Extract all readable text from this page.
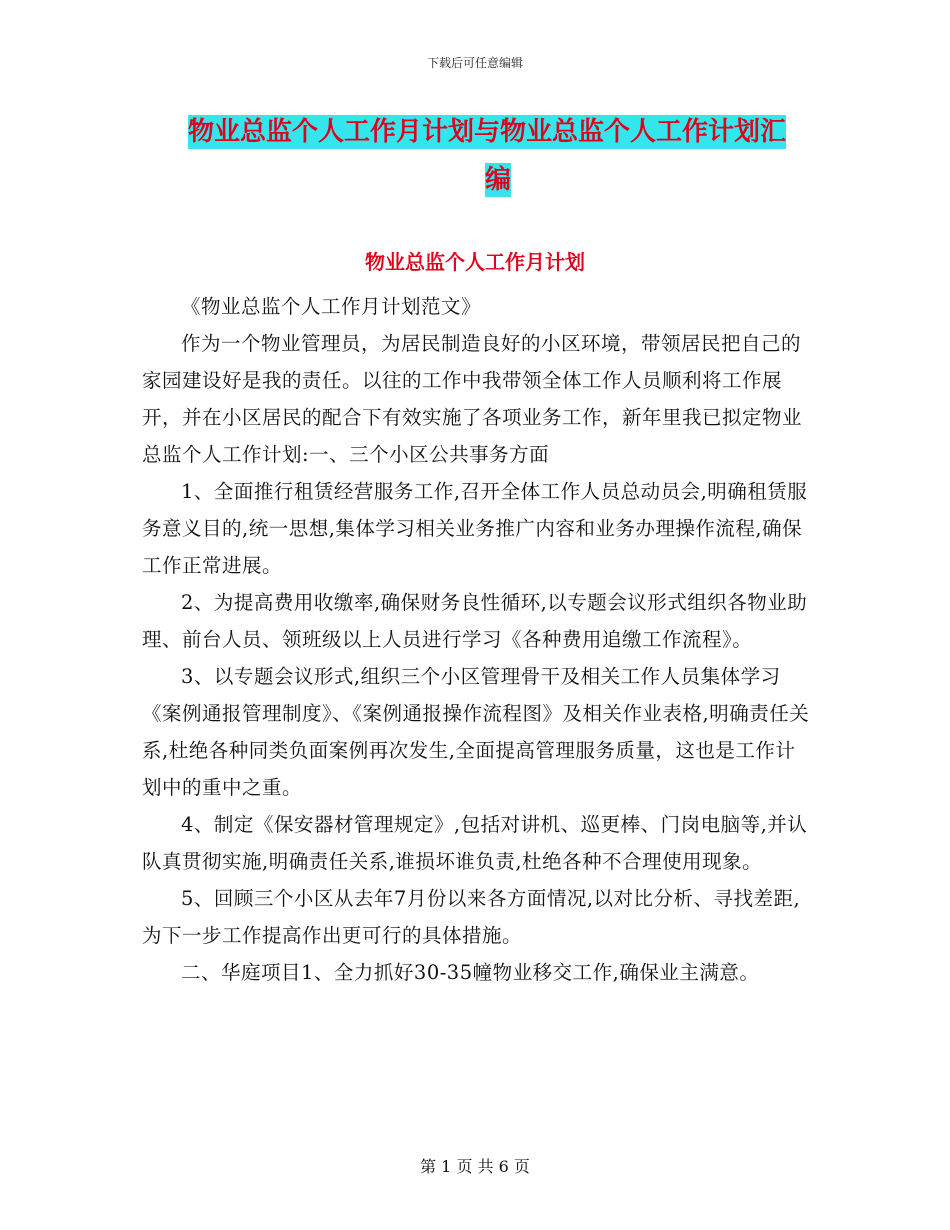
下载后可任意编辑
物业总监个人工作月计划与物业总监个人工作计划汇
编
物业总监个人工作月计划

《物业总监个人工作月计划范文》

作为一个物业管理员，为居民制造良好的小区环境，带领居民把自己的家园建设好是我的责任。以往的工作中我带领全体工作人员顺利将工作展开，并在小区居民的配合下有效实施了各项业务工作，新年里我已拟定物业总监个人工作计划:一、三个小区公共事务方面

1、全面推行租赁经营服务工作,召开全体工作人员总动员会,明确租赁服务意义目的,统一思想,集体学习相关业务推广内容和业务办理操作流程,确保工作正常进展。

2、为提高费用收缴率,确保财务良性循环,以专题会议形式组织各物业助理、前台人员、领班级以上人员进行学习《各种费用追缴工作流程》。

3、以专题会议形式,组织三个小区管理骨干及相关工作人员集体学习《案例通报管理制度》、《案例通报操作流程图》及相关作业表格,明确责任关系,杜绝各种同类负面案例再次发生,全面提高管理服务质量，这也是工作计划中的重中之重。

4、制定《保安器材管理规定》,包括对讲机、巡更棒、门岗电脑等,并认队真贯彻实施,明确责任关系,谁损坏谁负责,杜绝各种不合理使用现象。

5、回顾三个小区从去年7月份以来各方面情况,以对比分析、寻找差距,为下一步工作提高作出更可行的具体措施。

二、华庭项目1、全力抓好30-35幢物业移交工作,确保业主满意。

第 1 页 共 6 页
